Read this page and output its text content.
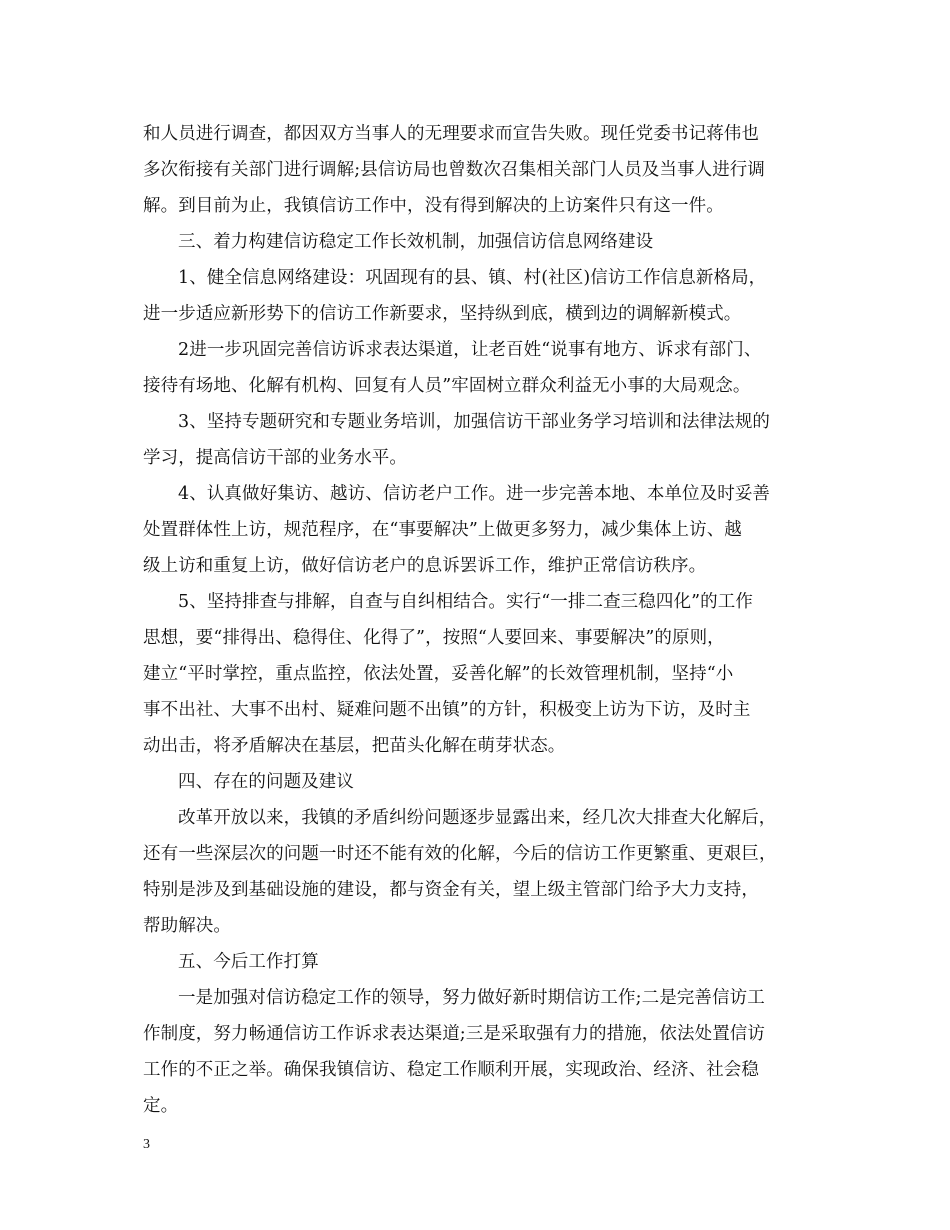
和人员进行调查，都因双方当事人的无理要求而宣告失败。现任党委书记蒋伟也
多次衔接有关部门进行调解;县信访局也曾数次召集相关部门人员及当事人进行调
解。到目前为止，我镇信访工作中，没有得到解决的上访案件只有这一件。
三、着力构建信访稳定工作长效机制，加强信访信息网络建设
1、健全信息网络建设：巩固现有的县、镇、村(社区)信访工作信息新格局，
进一步适应新形势下的信访工作新要求，坚持纵到底，横到边的调解新模式。
2进一步巩固完善信访诉求表达渠道，让老百姓“说事有地方、诉求有部门、
接待有场地、化解有机构、回复有人员”牢固树立群众利益无小事的大局观念。
3、坚持专题研究和专题业务培训，加强信访干部业务学习培训和法律法规的
学习，提高信访干部的业务水平。
4、认真做好集访、越访、信访老户工作。进一步完善本地、本单位及时妥善
处置群体性上访，规范程序，在“事要解决”上做更多努力，减少集体上访、越
级上访和重复上访，做好信访老户的息诉罢诉工作，维护正常信访秩序。
5、坚持排查与排解，自查与自纠相结合。实行“一排二查三稳四化”的工作
思想，要“排得出、稳得住、化得了”，按照“人要回来、事要解决”的原则，
建立“平时掌控，重点监控，依法处置，妥善化解”的长效管理机制，坚持“小
事不出社、大事不出村、疑难问题不出镇”的方针，积极变上访为下访，及时主
动出击，将矛盾解决在基层，把苗头化解在萌芽状态。
四、存在的问题及建议
改革开放以来，我镇的矛盾纠纷问题逐步显露出来，经几次大排查大化解后，
还有一些深层次的问题一时还不能有效的化解，今后的信访工作更繁重、更艰巨，
特别是涉及到基础设施的建设，都与资金有关，望上级主管部门给予大力支持，
帮助解决。
五、今后工作打算
一是加强对信访稳定工作的领导，努力做好新时期信访工作;二是完善信访工
作制度，努力畅通信访工作诉求表达渠道;三是采取强有力的措施，依法处置信访
工作的不正之举。确保我镇信访、稳定工作顺利开展，实现政治、经济、社会稳
定。
3
